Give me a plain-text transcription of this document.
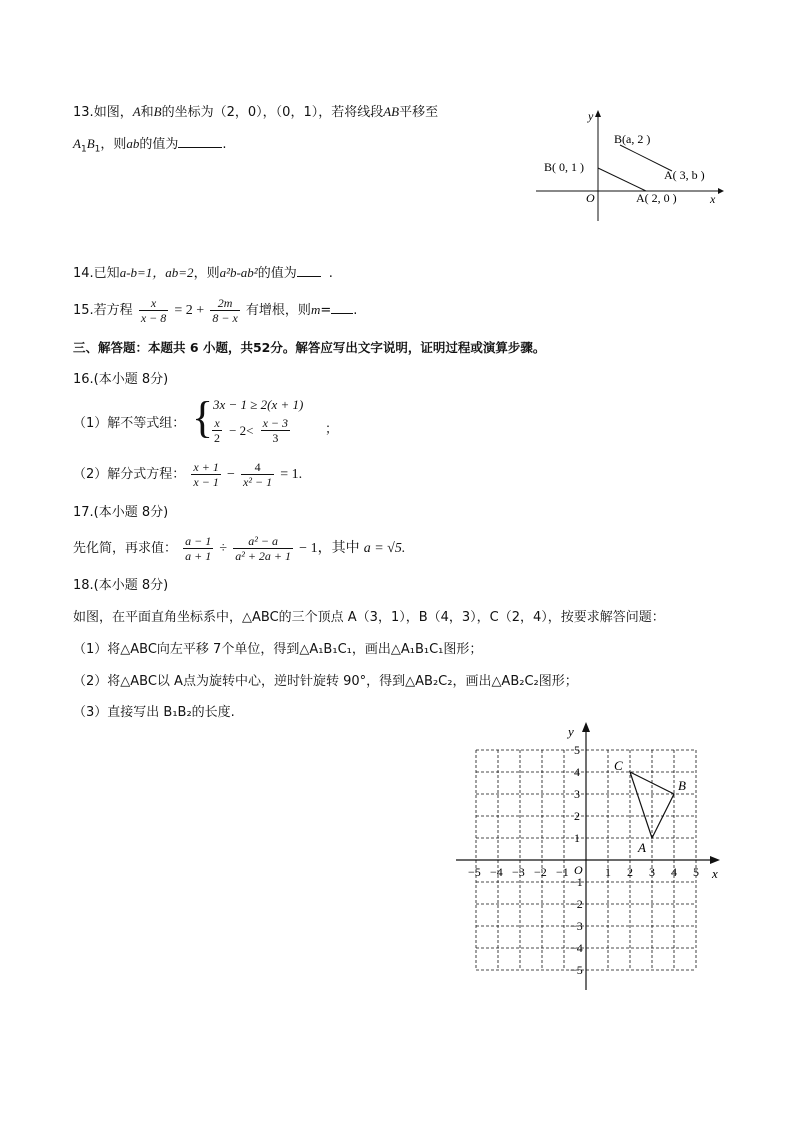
13.如图，A和B的坐标为（2，0），（0，1），若将线段AB平移至
$A_1B_1$，则ab的值为	.
y
x
O
B( 0, 1 )
A( 2, 0 )
B(a, 2 )
A( 3, b )
14.已知a-b=1，ab=2，则a²b-ab²的值为 .
15.若方程 $\frac{x}{x - 8} = 2 + \frac{2m}{8 - x}$ 有增根，则m= .
三、解答题：本题共 6 小题，共52分。解答应写出文字说明，证明过程或演算步骤。
16.(本小题 8分)
（1）解不等式组： { 3x − 1 ≥ 2(x + 1)
$\frac{x}{2} - 2< \frac{x - 3}{3}$	；
（2）解分式方程： $\frac{x + 1}{x - 1} - \frac{4}{\text{x² − 1}} = 1$.
17.(本小题 8分)
先化简，再求值： $\frac{a - 1}{a + 1} \div \frac{\text{a² − a}}{\text{a² + 2a + 1}} - 1$，其中 a = √5.
18.(本小题 8分)
如图，在平面直角坐标系中，△ABC的三个顶点 A（3，1），B（4，3），C（2，4），按要求解答问题：
（1）将△ABC向左平移 7个单位，得到△A₁B₁C₁，画出△A₁B₁C₁图形；
（2）将△ABC以 A点为旋转中心，逆时针旋转 90°，得到△AB₂C₂，画出△AB₂C₂图形；
（3）直接写出 B₁B₂的长度.
x
y
O
−5 −4 −3 −2 −1	1 2 3 4 5
5
4
3
2
1
−1
−2
−3
−4
−5
A
B
C
